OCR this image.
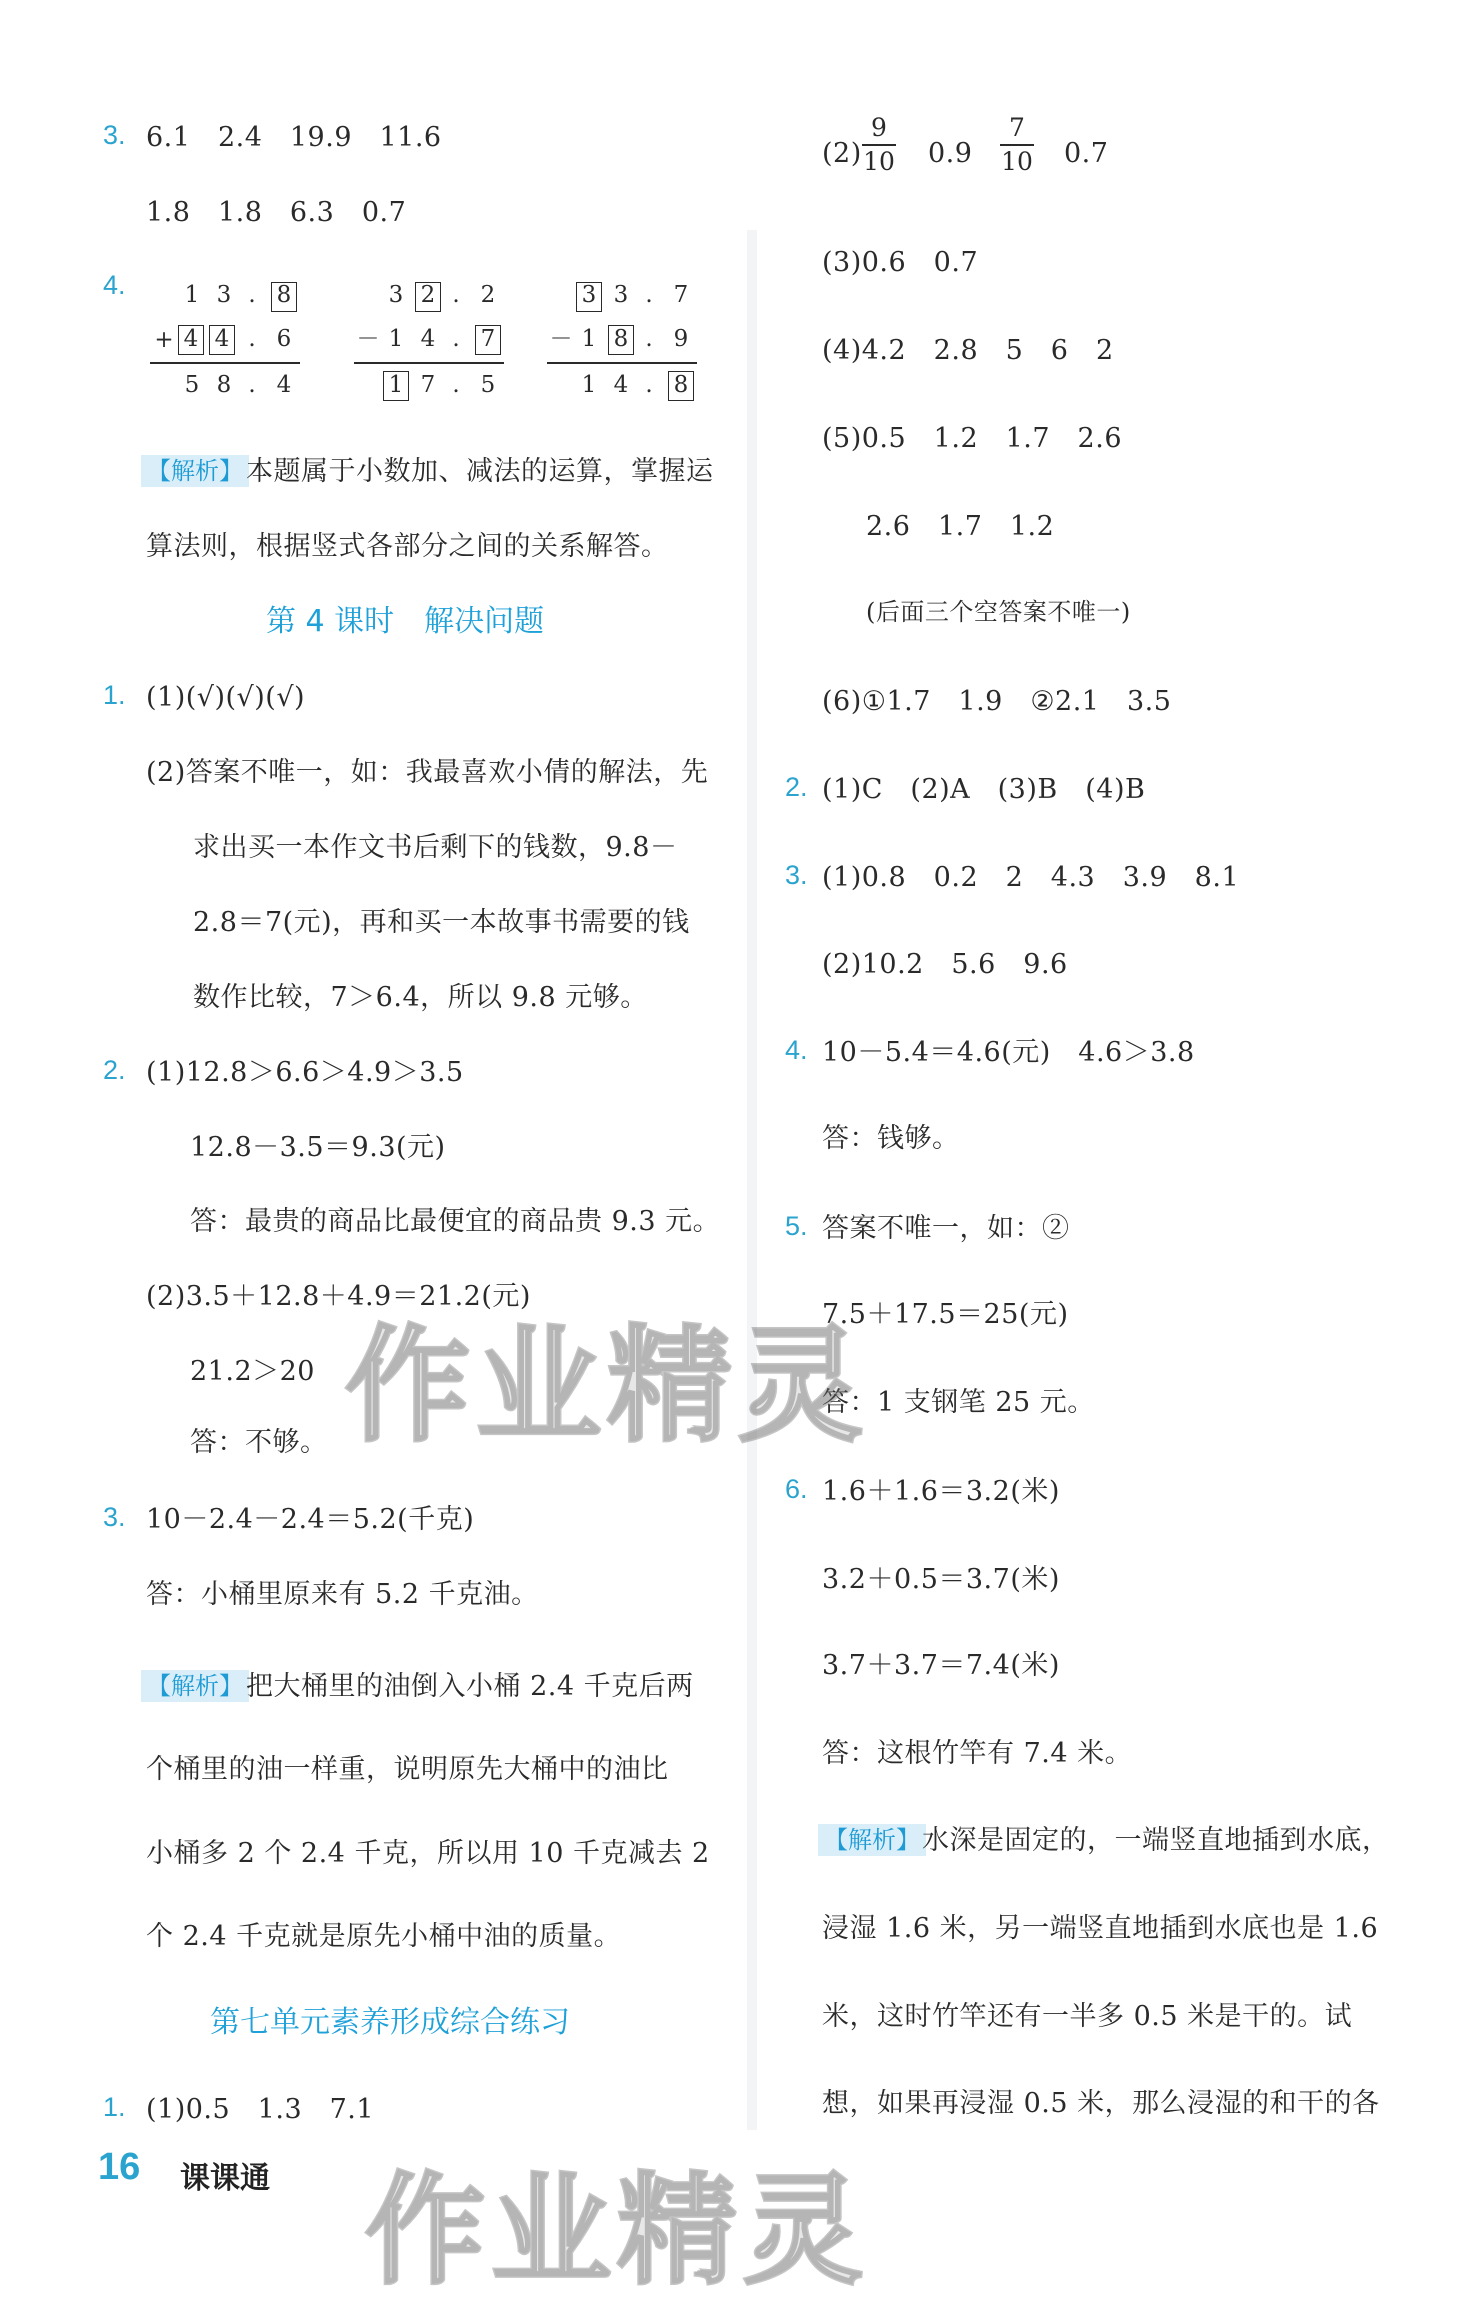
3. 6.1　2.4　19.9　11.6
1.8　1.8　6.3　0.7
4.	1 3 . 8
+ 4 4 . 6
5 8 . 4
3 2 . 2
－ 1 4 . 7
1 7 . 5
3 3 . 7
－ 1 8 . 9
1 4 . 8
【解析】 本题属于小数加、减法的运算，掌握运
算法则，根据竖式各部分之间的关系解答。
第 4 课时　解决问题
1. (1)(√)(√)(√)
(2)答案不唯一，如：我最喜欢小倩的解法，先
求出买一本作文书后剩下的钱数，9.8－
2.8＝7(元)，再和买一本故事书需要的钱
数作比较，7＞6.4，所以 9.8 元够。
2. (1)12.8＞6.6＞4.9＞3.5
12.8－3.5＝9.3(元)
答：最贵的商品比最便宜的商品贵 9.3 元。
(2)3.5＋12.8＋4.9＝21.2(元)
21.2＞20
答：不够。
3. 10－2.4－2.4＝5.2(千克)
答：小桶里原来有 5.2 千克油。
【解析】 把大桶里的油倒入小桶 2.4 千克后两
个桶里的油一样重，说明原先大桶中的油比
小桶多 2 个 2.4 千克，所以用 10 千克减去 2
个 2.4 千克就是原先小桶中油的质量。
第七单元素养形成综合练习
1. (1)0.5　1.3　7.1
(2)
9
10 0.9
7
10 0.7
(3)0.6　0.7
(4)4.2　2.8　5　6　2
(5)0.5　1.2　1.7　2.6
2.6　1.7　1.2
(后面三个空答案不唯一)
(6)①1.7　1.9　②2.1　3.5
2. (1)C　(2)A　(3)B　(4)B
3. (1)0.8　0.2　2　4.3　3.9　8.1
(2)10.2　5.6　9.6
4. 10－5.4＝4.6(元)　4.6＞3.8
答：钱够。
5. 答案不唯一，如：②
7.5＋17.5＝25(元)
答：1 支钢笔 25 元。
6. 1.6＋1.6＝3.2(米)
3.2＋0.5＝3.7(米)
3.7＋3.7＝7.4(米)
答：这根竹竿有 7.4 米。
【解析】 水深是固定的，一端竖直地插到水底，
浸湿 1.6 米，另一端竖直地插到水底也是 1.6
米，这时竹竿还有一半多 0.5 米是干的。试
想，如果再浸湿 0.5 米，那么浸湿的和干的各
16 课课通
作业精灵
作业精灵
